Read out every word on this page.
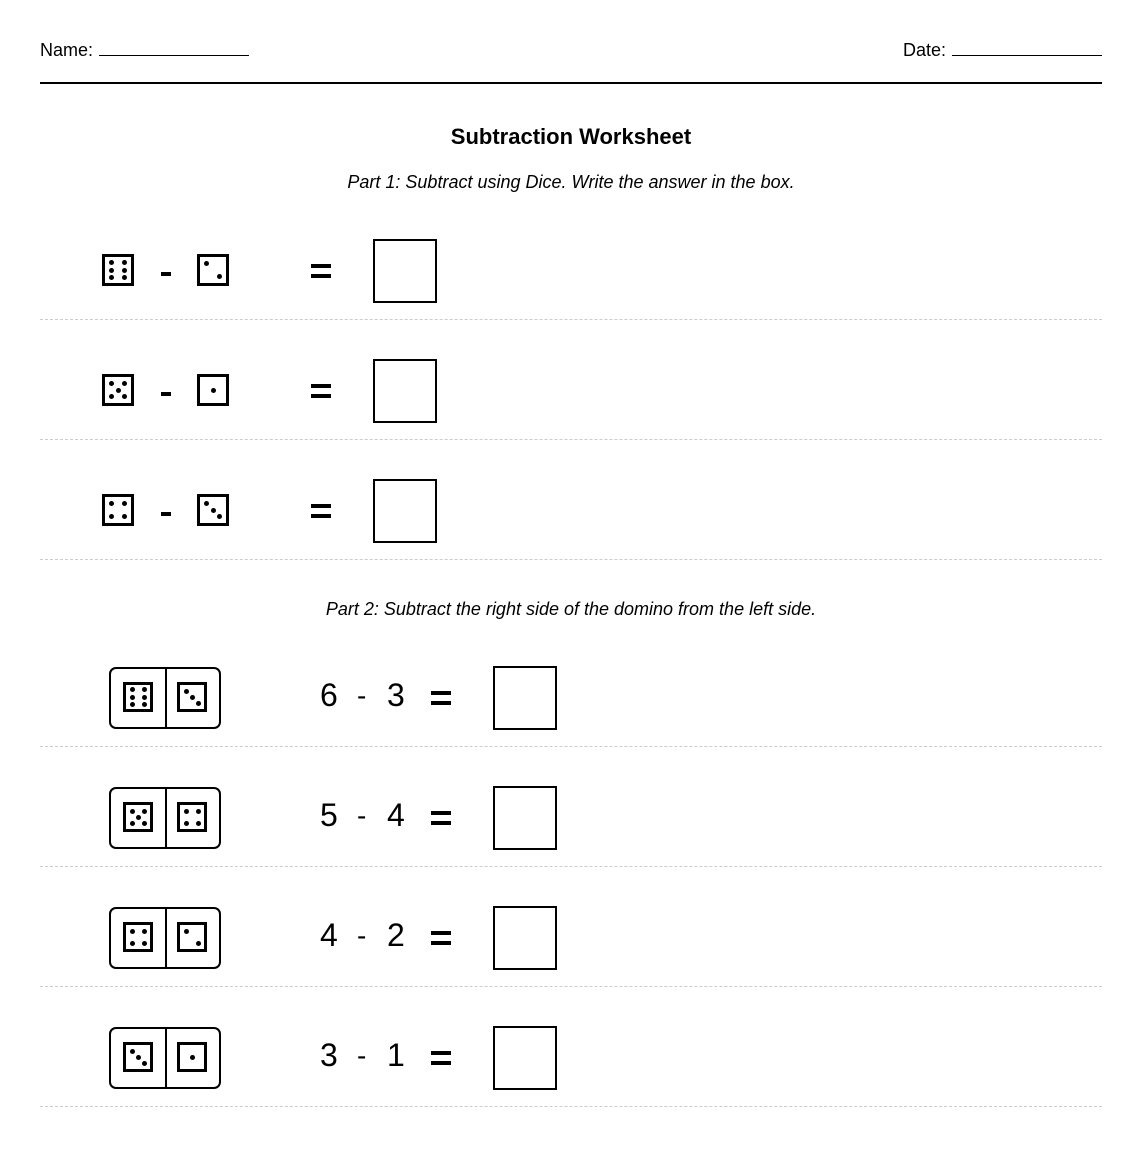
Name:	Date:
Subtraction Worksheet
Part 1: Subtract using Dice. Write the answer in the box.
Part 2: Subtract the right side of the domino from the left side.
6 - 3
5 - 4
4 - 2
3 - 1
